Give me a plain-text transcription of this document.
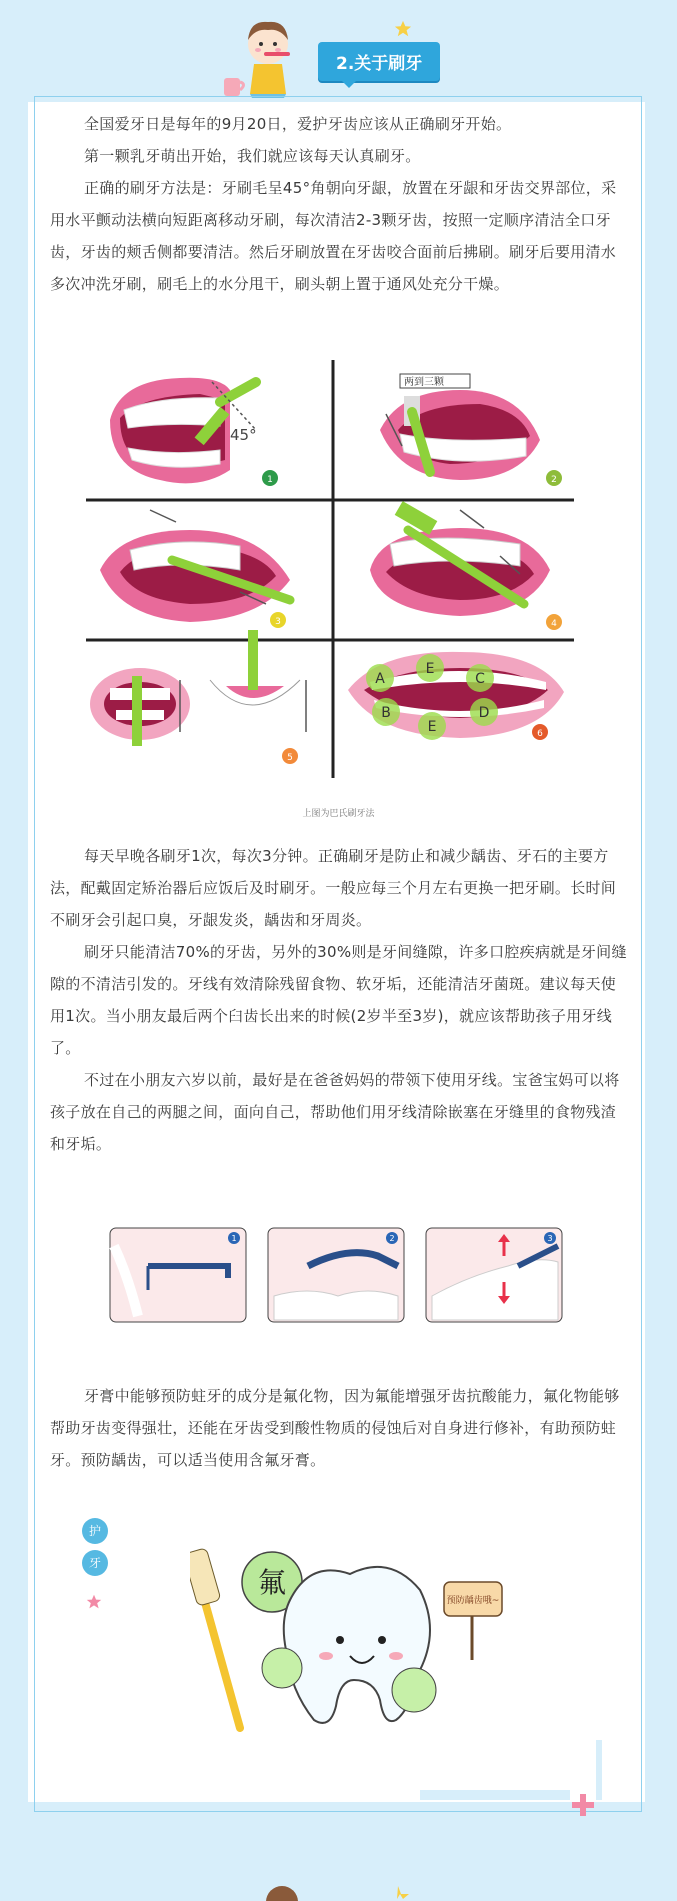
2.关于刷牙

全国爱牙日是每年的9月20日，爱护牙齿应该从正确刷牙开始。

第一颗乳牙萌出开始，我们就应该每天认真刷牙。

正确的刷牙方法是：牙刷毛呈45°角朝向牙龈，放置在牙龈和牙齿交界部位，采用水平颤动法横向短距离移动牙刷，每次清洁2-3颗牙齿，按照一定顺序清洁全口牙齿，牙齿的颊舌侧都要清洁。然后牙刷放置在牙齿咬合面前后拂刷。刷牙后要用清水多次冲洗牙刷，刷毛上的水分甩干，刷头朝上置于通风处充分干燥。

45°
1
两到三颗
2
3	4
5
A
E
C
B
E
D
6
上图为巴氏刷牙法

每天早晚各刷牙1次，每次3分钟。正确刷牙是防止和减少龋齿、牙石的主要方法，配戴固定矫治器后应饭后及时刷牙。一般应每三个月左右更换一把牙刷。长时间不刷牙会引起口臭，牙龈发炎，龋齿和牙周炎。

刷牙只能清洁70%的牙齿，另外的30%则是牙间缝隙，许多口腔疾病就是牙间缝隙的不清洁引发的。牙线有效清除残留食物、软牙垢，还能清洁牙菌斑。建议每天使用1次。当小朋友最后两个臼齿长出来的时候(2岁半至3岁)，就应该帮助孩子用牙线了。

不过在小朋友六岁以前，最好是在爸爸妈妈的带领下使用牙线。宝爸宝妈可以将孩子放在自己的两腿之间，面向自己，帮助他们用牙线清除嵌塞在牙缝里的食物残渣和牙垢。

1	2	3

牙膏中能够预防蛀牙的成分是氟化物，因为氟能增强牙齿抗酸能力，氟化物能够帮助牙齿变得强壮，还能在牙齿受到酸性物质的侵蚀后对自身进行修补，有助预防蛀牙。预防龋齿，可以适当使用含氟牙膏。

护
牙
氟
预防龋齿哦~
